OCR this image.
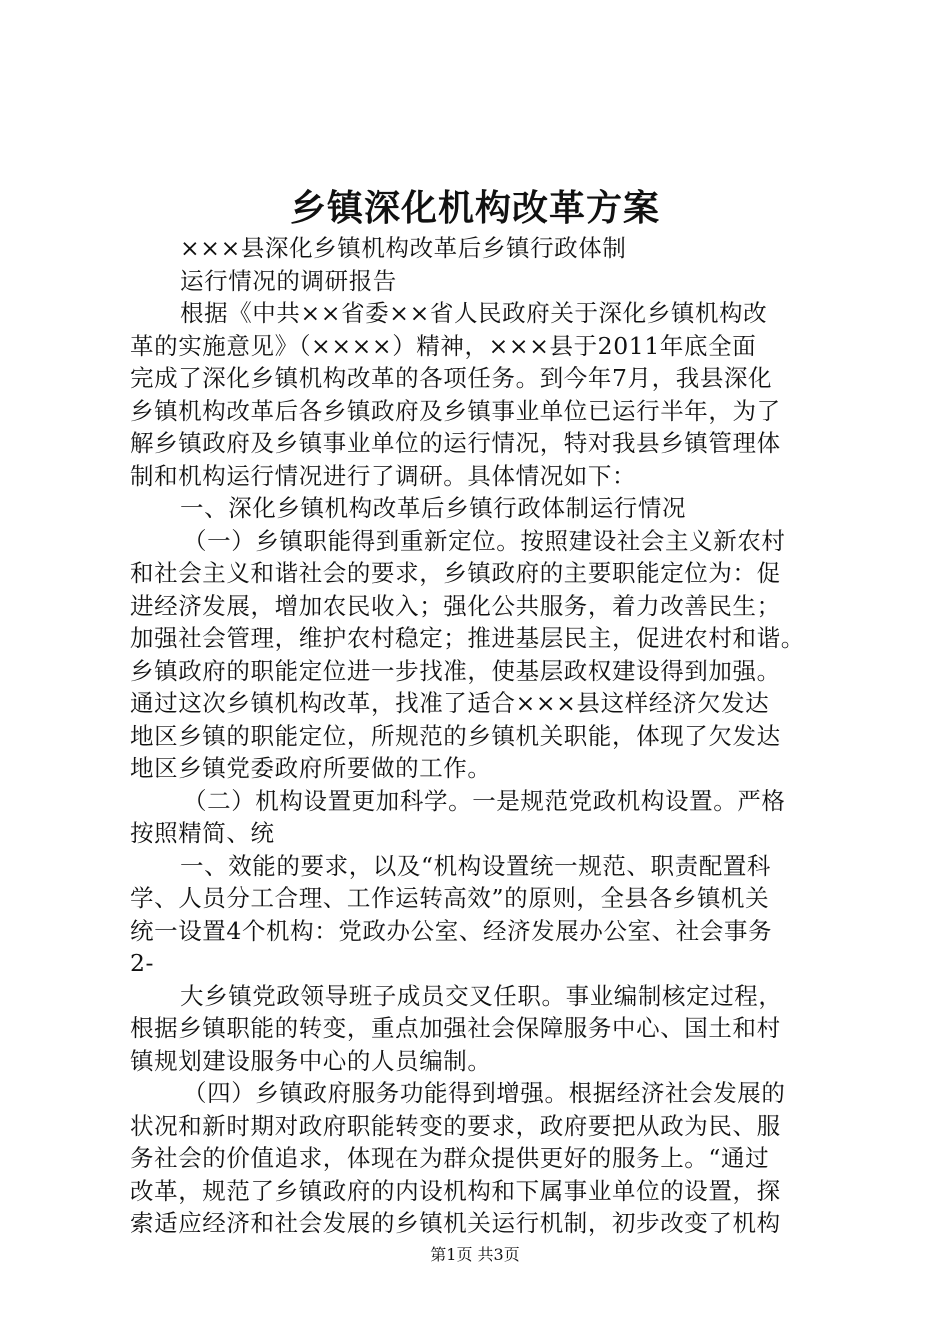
乡镇深化机构改革方案
×××县深化乡镇机构改革后乡镇行政体制
运行情况的调研报告
根据《中共××省委××省人民政府关于深化乡镇机构改
革的实施意见》（××××）精神，×××县于2011年底全面
完成了深化乡镇机构改革的各项任务。到今年7月，我县深化
乡镇机构改革后各乡镇政府及乡镇事业单位已运行半年，为了
解乡镇政府及乡镇事业单位的运行情况，特对我县乡镇管理体
制和机构运行情况进行了调研。具体情况如下：
一、深化乡镇机构改革后乡镇行政体制运行情况
（一）乡镇职能得到重新定位。按照建设社会主义新农村
和社会主义和谐社会的要求，乡镇政府的主要职能定位为：促
进经济发展，增加农民收入；强化公共服务，着力改善民生；
加强社会管理，维护农村稳定；推进基层民主，促进农村和谐。
乡镇政府的职能定位进一步找准，使基层政权建设得到加强。
通过这次乡镇机构改革，找准了适合×××县这样经济欠发达
地区乡镇的职能定位，所规范的乡镇机关职能，体现了欠发达
地区乡镇党委政府所要做的工作。
（二）机构设置更加科学。一是规范党政机构设置。严格
按照精简、统
一、效能的要求，以及“机构设置统一规范、职责配置科
学、人员分工合理、工作运转高效”的原则，全县各乡镇机关
统一设置4个机构：党政办公室、经济发展办公室、社会事务
2-
大乡镇党政领导班子成员交叉任职。事业编制核定过程，
根据乡镇职能的转变，重点加强社会保障服务中心、国土和村
镇规划建设服务中心的人员编制。
（四）乡镇政府服务功能得到增强。根据经济社会发展的
状况和新时期对政府职能转变的要求，政府要把从政为民、服
务社会的价值追求，体现在为群众提供更好的服务上。“通过
改革，规范了乡镇政府的内设机构和下属事业单位的设置，探
索适应经济和社会发展的乡镇机关运行机制，初步改变了机构
第1页 共3页
